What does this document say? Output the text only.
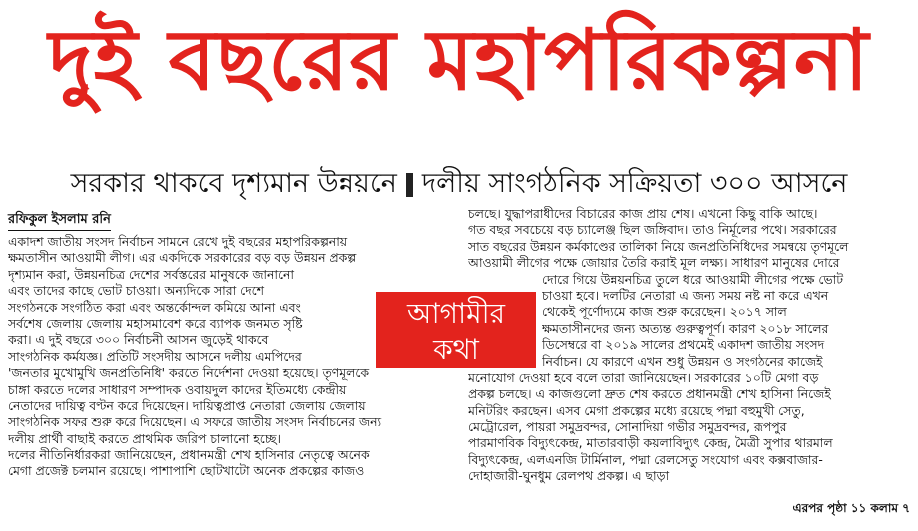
দুই বছরের মহাপরিকল্পনা
সরকার থাকবে দৃশ্যমান উন্নয়নে দলীয় সাংগঠনিক সক্রিয়তা ৩০০ আসনে
রফিকুল ইসলাম রনি
একাদশ জাতীয় সংসদ নির্বাচন সামনে রেখে দুই বছরের মহাপরিকল্পনায়
ক্ষমতাসীন আওয়ামী লীগ। এর একদিকে সরকারের বড় বড় উন্নয়ন প্রকল্প
দৃশ্যমান করা, উন্নয়নচিত্র দেশের সর্বস্তরের মানুষকে জানানো
এবং তাদের কাছে ভোট চাওয়া। অন্যদিকে সারা দেশে
সংগঠনকে সংগঠিত করা এবং অন্তর্কোন্দল কমিয়ে আনা এবং
সর্বশেষ জেলায় জেলায় মহাসমাবেশ করে ব্যাপক জনমত সৃষ্টি
করা। এ দুই বছরে ৩০০ নির্বাচনী আসন জুড়েই থাকবে
সাংগঠনিক কর্মযজ্ঞ। প্রতিটি সংসদীয় আসনে দলীয় এমপিদের
'জনতার মুখোমুখি জনপ্রতিনিধি' করতে নির্দেশনা দেওয়া হয়েছে। তৃণমূলকে
চাঙ্গা করতে দলের সাধারণ সম্পাদক ওবায়দুল কাদের ইতিমধ্যে কেন্দ্রীয়
নেতাদের দায়িত্ব বণ্টন করে দিয়েছেন। দায়িত্বপ্রাপ্ত নেতারা জেলায় জেলায়
সাংগঠনিক সফর শুরু করে দিয়েছেন। এ সফরে জাতীয় সংসদ নির্বাচনের জন্য
দলীয় প্রার্থী বাছাই করতে প্রাথমিক জরিপ চালানো হচ্ছে।
দলের নীতিনির্ধারকরা জানিয়েছেন, প্রধানমন্ত্রী শেখ হাসিনার নেতৃত্বে অনেক
মেগা প্রজেক্ট চলমান রয়েছে। পাশাপাশি ছোটখাটো অনেক প্রকল্পের কাজও
চলছে। যুদ্ধাপরাধীদের বিচারের কাজ প্রায় শেষ। এখনো কিছু বাকি আছে।
গত বছর সবচেয়ে বড় চ্যালেঞ্জ ছিল জঙ্গিবাদ। তাও নির্মূলের পথে। সরকারের
সাত বছরের উন্নয়ন কর্মকাণ্ডের তালিকা নিয়ে জনপ্রতিনিধিদের সমন্বয়ে তৃণমূলে
আওয়ামী লীগের পক্ষে জোয়ার তৈরি করাই মূল লক্ষ্য। সাধারণ মানুষের দোরে
দোরে গিয়ে উন্নয়নচিত্র তুলে ধরে আওয়ামী লীগের পক্ষে ভোট
চাওয়া হবে। দলটির নেতারা এ জন্য সময় নষ্ট না করে এখন
থেকেই পূর্ণোদ্যমে কাজ শুরু করেছেন। ২০১৭ সাল
ক্ষমতাসীনদের জন্য অত্যন্ত গুরুত্বপূর্ণ। কারণ ২০১৮ সালের
ডিসেম্বরে বা ২০১৯ সালের প্রথমেই একাদশ জাতীয় সংসদ
নির্বাচন। যে কারণে এখন শুধু উন্নয়ন ও সংগঠনের কাজেই
মনোযোগ দেওয়া হবে বলে তারা জানিয়েছেন। সরকারের ১০টি মেগা বড়
প্রকল্প চলছে। এ কাজগুলো দ্রুত শেষ করতে প্রধানমন্ত্রী শেখ হাসিনা নিজেই
মনিটরিং করছেন। এসব মেগা প্রকল্পের মধ্যে রয়েছে পদ্মা বহুমুখী সেতু,
মেট্রোরেল, পায়রা সমুদ্রবন্দর, সোনাদিয়া গভীর সমুদ্রবন্দর, রূপপুর
পারমাণবিক বিদ্যুৎকেন্দ্র, মাতারবাড়ী কয়লাবিদ্যুৎ কেন্দ্র, মৈত্রী সুপার থারমাল
বিদ্যুৎকেন্দ্র, এলএনজি টার্মিনাল, পদ্মা রেলসেতু সংযোগ এবং কক্সবাজার-
দোহাজারী-ঘুনধুম রেলপথ প্রকল্প। এ ছাড়া
আগামীর
কথা
এরপর পৃষ্ঠা ১১ কলাম ৭
